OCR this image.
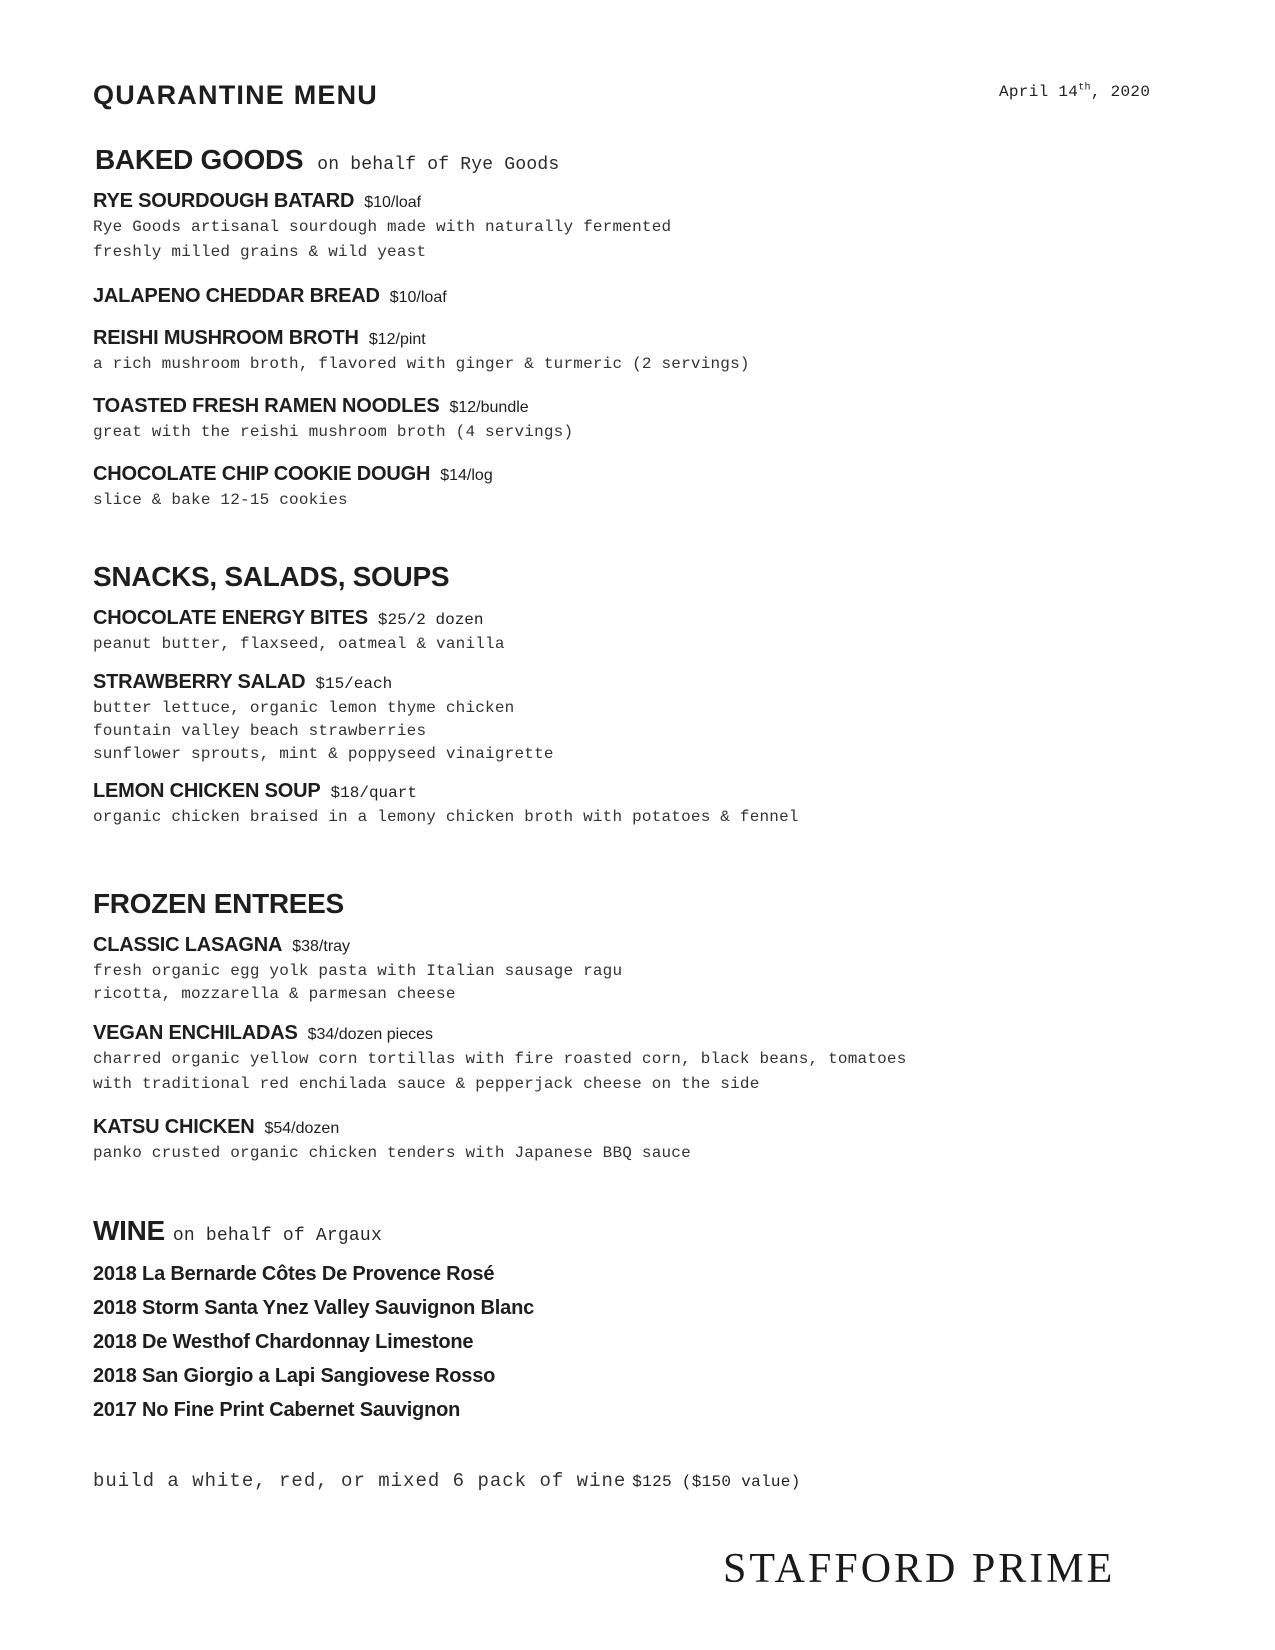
QUARANTINE MENU	April 14th, 2020
BAKED GOODS on behalf of Rye Goods
RYE SOURDOUGH BATARD $10/loaf
Rye Goods artisanal sourdough made with naturally fermented
freshly milled grains & wild yeast
JALAPENO CHEDDAR BREAD $10/loaf
REISHI MUSHROOM BROTH $12/pint
a rich mushroom broth, flavored with ginger & turmeric (2 servings)
TOASTED FRESH RAMEN NOODLES $12/bundle
great with the reishi mushroom broth (4 servings)
CHOCOLATE CHIP COOKIE DOUGH $14/log
slice & bake 12-15 cookies
SNACKS, SALADS, SOUPS
CHOCOLATE ENERGY BITES $25/2 dozen
peanut butter, flaxseed, oatmeal & vanilla
STRAWBERRY SALAD $15/each
butter lettuce, organic lemon thyme chicken
fountain valley beach strawberries
sunflower sprouts, mint & poppyseed vinaigrette
LEMON CHICKEN SOUP $18/quart
organic chicken braised in a lemony chicken broth with potatoes & fennel
FROZEN ENTREES
CLASSIC LASAGNA $38/tray
fresh organic egg yolk pasta with Italian sausage ragu
ricotta, mozzarella & parmesan cheese
VEGAN ENCHILADAS $34/dozen pieces
charred organic yellow corn tortillas with fire roasted corn, black beans, tomatoes
with traditional red enchilada sauce & pepperjack cheese on the side
KATSU CHICKEN $54/dozen
panko crusted organic chicken tenders with Japanese BBQ sauce
WINE on behalf of Argaux
2018 La Bernarde Côtes De Provence Rosé
2018 Storm Santa Ynez Valley Sauvignon Blanc
2018 De Westhof Chardonnay Limestone
2018 San Giorgio a Lapi Sangiovese Rosso
2017 No Fine Print Cabernet Sauvignon
build a white, red, or mixed 6 pack of wine $125 ($150 value)
STAFFORD PRIME
